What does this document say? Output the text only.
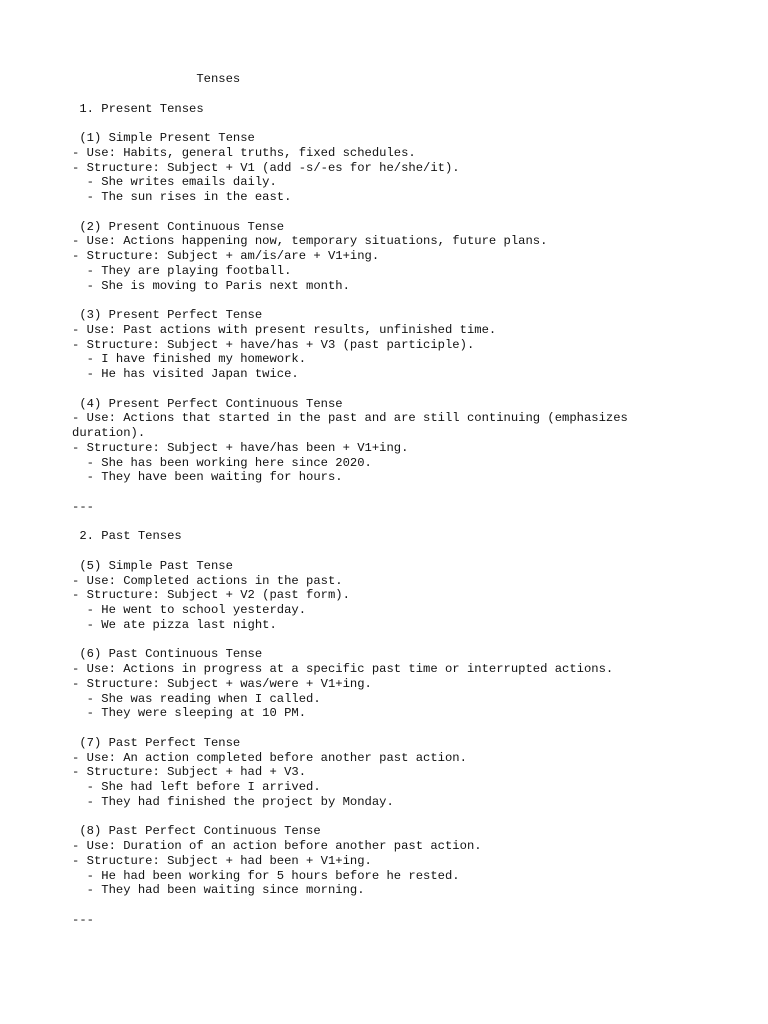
Tenses
1. Present Tenses
(1) Simple Present Tense
- Use: Habits, general truths, fixed schedules.
- Structure: Subject + V1 (add -s/-es for he/she/it).
- She writes emails daily.
- The sun rises in the east.
(2) Present Continuous Tense
- Use: Actions happening now, temporary situations, future plans.
- Structure: Subject + am/is/are + V1+ing.
- They are playing football.
- She is moving to Paris next month.
(3) Present Perfect Tense
- Use: Past actions with present results, unfinished time.
- Structure: Subject + have/has + V3 (past participle).
- I have finished my homework.
- He has visited Japan twice.
(4) Present Perfect Continuous Tense
- Use: Actions that started in the past and are still continuing (emphasizes
duration).
- Structure: Subject + have/has been + V1+ing.
- She has been working here since 2020.
- They have been waiting for hours.
---
2. Past Tenses
(5) Simple Past Tense
- Use: Completed actions in the past.
- Structure: Subject + V2 (past form).
- He went to school yesterday.
- We ate pizza last night.
(6) Past Continuous Tense
- Use: Actions in progress at a specific past time or interrupted actions.
- Structure: Subject + was/were + V1+ing.
- She was reading when I called.
- They were sleeping at 10 PM.
(7) Past Perfect Tense
- Use: An action completed before another past action.
- Structure: Subject + had + V3.
- She had left before I arrived.
- They had finished the project by Monday.
(8) Past Perfect Continuous Tense
- Use: Duration of an action before another past action.
- Structure: Subject + had been + V1+ing.
- He had been working for 5 hours before he rested.
- They had been waiting since morning.
---
